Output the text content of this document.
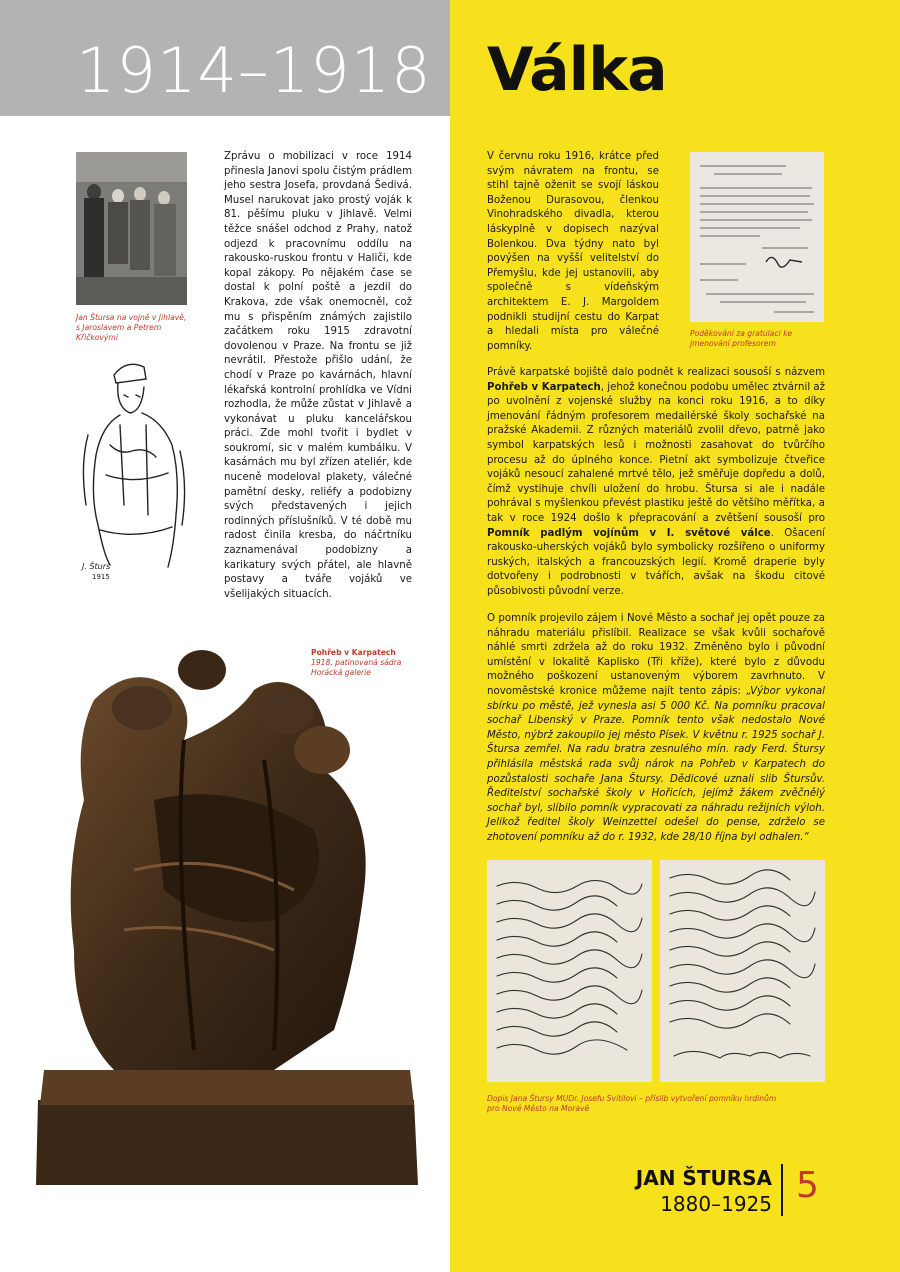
1914–1918 Válka
Jan Štursa na vojně v Jihlavě, s Jaroslavem a Petrem Křičkovými
J. Šturs
1915
Zprávu o mobilizaci v roce 1914 přinesla Janovi spolu čistým prádlem jeho sestra Josefa, provdaná Šedivá. Musel narukovat jako prostý voják k 81. pěšímu pluku v Jihlavě. Velmi těžce snášel odchod z Prahy, natož odjezd k pracovnímu oddílu na rakousko-ruskou frontu v Haliči, kde kopal zákopy. Po nějakém čase se dostal k polní poště a jezdil do Krakova, zde však onemocněl, což mu s přispěním známých zajistilo začátkem roku 1915 zdravotní dovolenou v Praze. Na frontu se již nevrátil. Přestože přišlo udání, že chodí v Praze po kavárnách, hlavní lékařská kontrolní prohlídka ve Vídni rozhodla, že může zůstat v Jihlavě a vykonávat u pluku kancelářskou práci. Zde mohl tvořit i bydlet v soukromí, sic v malém kumbálku. V kasárnách mu byl zřízen ateliér, kde nuceně modeloval plakety, válečné pamětní desky, reliéfy a podobizny svých představených i jejich rodinných příslušníků. V té době mu radost činila kresba, do náčrtníku zaznamenával podobizny a karikatury svých přátel, ale hlavně postavy a tváře vojáků ve všelijakých situacích.
Poděkování za gratulaci ke jmenování profesorem
V červnu roku 1916, krátce před svým návratem na frontu, se stihl tajně oženit se svojí láskou Boženou Durasovou, členkou Vinohradského divadla, kterou láskyplně v dopisech nazýval Bolenkou. Dva týdny nato byl povýšen na vyšší velitelství do Přemyšlu, kde jej ustanovili, aby společně s vídeňským architektem E. J. Margoldem podnikli studijní cestu do Karpat a hledali místa pro válečné pomníky.
Právě karpatské bojiště dalo podnět k realizaci sousoší s názvem Pohřeb v Karpatech, jehož konečnou podobu umělec ztvárnil až po uvolnění z vojenské služby na konci roku 1916, a to díky jmenování řádným profesorem medailérské školy sochařské na pražské Akademii. Z různých materiálů zvolil dřevo, patrně jako symbol karpatských lesů i možnosti zasahovat do tvůrčího procesu až do úplného konce. Pietní akt symbolizuje čtveřice vojáků nesoucí zahalené mrtvé tělo, jež směřuje dopředu a dolů, čímž vystihuje chvíli uložení do hrobu. Štursa si ale i nadále pohrával s myšlenkou převést plastiku ještě do většího měřítka, a tak v roce 1924 došlo k přepracování a zvětšení sousoší pro Pomník padlým vojínům v I. světové válce. Ošacení rakousko-uherských vojáků bylo symbolicky rozšířeno o uniformy ruských, italských a francouzských legií. Kromě draperie byly dotvořeny i podrobnosti v tvářích, avšak na škodu citové působivosti původní verze.
O pomník projevilo zájem i Nové Město a sochař jej opět pouze za náhradu materiálu přislíbil. Realizace se však kvůli sochařově náhlé smrti zdržela až do roku 1932. Změněno bylo i původní umístění v lokalitě Kaplisko (Tři kříže), které bylo z důvodu možného poškození ustanoveným výborem zavrhnuto. V novoměstské kronice můžeme najít tento zápis: „Výbor vykonal sbírku po městě, jež vynesla asi 5 000 Kč. Na pomníku pracoval sochař Libenský v Praze. Pomník tento však nedostalo Nové Město, nýbrž zakoupilo jej město Písek. V květnu r. 1925 sochař J. Štursa zemřel. Na radu bratra zesnulého mín. rady Ferd. Štursy přihlásila městská rada svůj nárok na Pohřeb v Karpatech do pozůstalosti sochaře Jana Štursy. Dědicové uznali slib Štursův. Ředitelství sochařské školy v Hořicích, jejímž žákem zvěčnělý sochař byl, slíbilo pomník vypracovati za náhradu režijních výloh. Jelikož ředitel školy Weinzettel odešel do pense, zdrželo se zhotovení pomníku až do r. 1932, kde 28/10 října byl odhalen.“
Pohřeb v Karpatech
1918, patinovaná sádra
Horácká galerie
Dopis Jana Štursy MUDr. Josefu Svítilovi – příslib vytvoření pomníku hrdinům pro Nové Město na Moravě
JAN ŠTURSA
1880–1925 5
